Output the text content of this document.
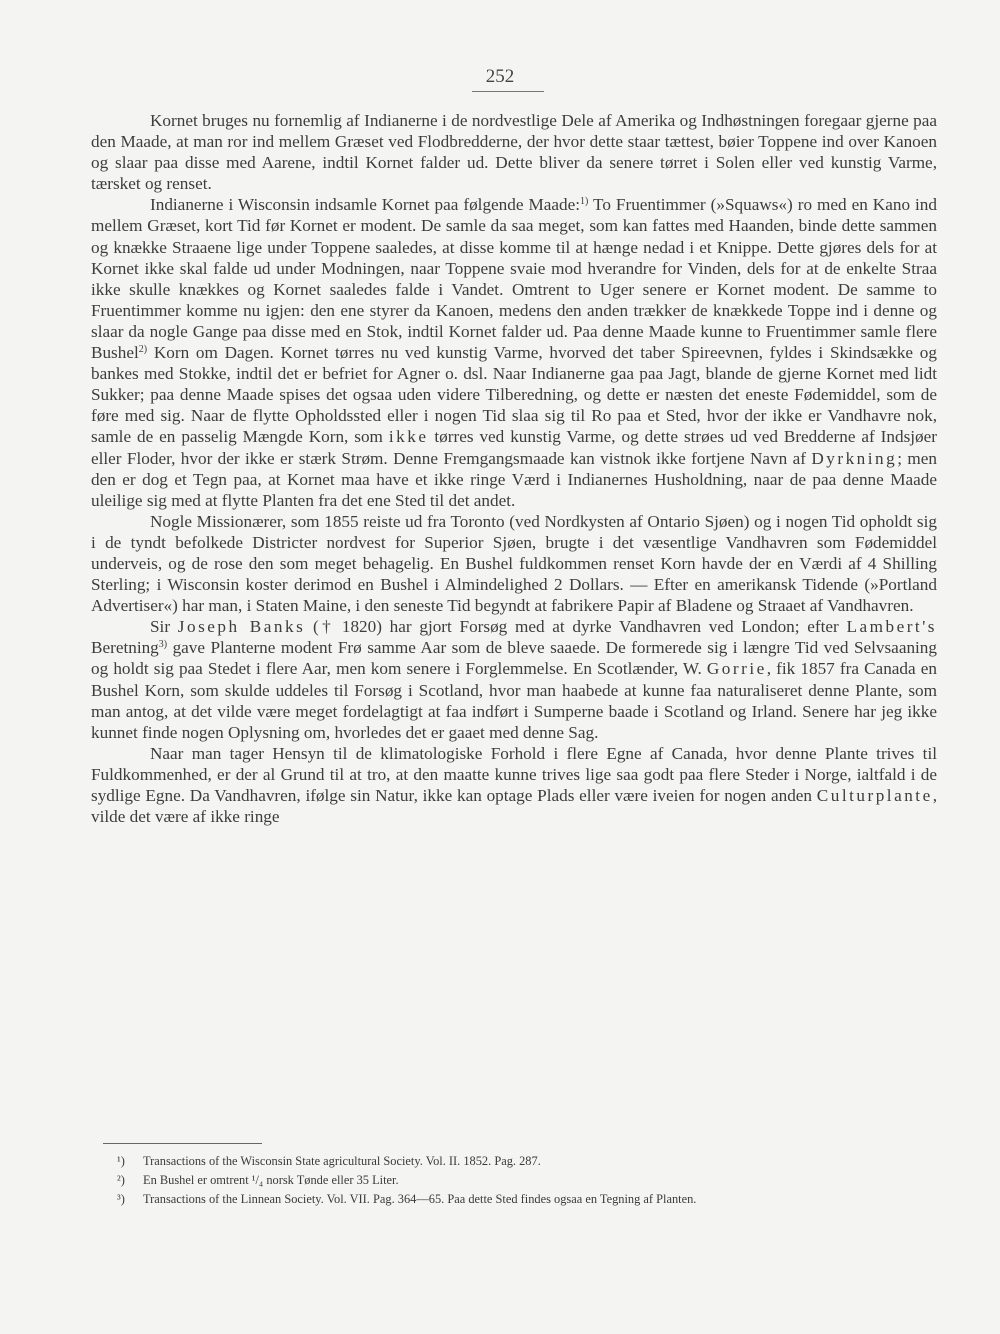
252

Kornet bruges nu fornemlig af Indianerne i de nordvestlige Dele af Amerika og Indhøstningen foregaar gjerne paa den Maade, at man ror ind mellem Græset ved Flodbredderne, der hvor dette staar tættest, bøier Toppene ind over Kanoen og slaar paa disse med Aarene, indtil Kornet falder ud. Dette bliver da senere tørret i Solen eller ved kunstig Varme, tærsket og renset.

Indianerne i Wisconsin indsamle Kornet paa følgende Maade:$^{1)}$ To Fruentimmer (»Squaws«) ro med en Kano ind mellem Græset, kort Tid før Kornet er modent. De samle da saa meget, som kan fattes med Haanden, binde dette sammen og knække Straaene lige under Toppene saaledes, at disse komme til at hænge nedad i et Knippe. Dette gjøres dels for at Kornet ikke skal falde ud under Modningen, naar Toppene svaie mod hverandre for Vinden, dels for at de enkelte Straa ikke skulle knækkes og Kornet saaledes falde i Vandet. Omtrent to Uger senere er Kornet modent. De samme to Fruentimmer komme nu igjen: den ene styrer da Kanoen, medens den anden trækker de knækkede Toppe ind i denne og slaar da nogle Gange paa disse med en Stok, indtil Kornet falder ud. Paa denne Maade kunne to Fruentimmer samle flere Bushel$^{2)}$ Korn om Dagen. Kornet tørres nu ved kunstig Varme, hvorved det taber Spireevnen, fyldes i Skindsække og bankes med Stokke, indtil det er befriet for Agner o. dsl. Naar Indianerne gaa paa Jagt, blande de gjerne Kornet med lidt Sukker; paa denne Maade spises det ogsaa uden videre Tilberedning, og dette er næsten det eneste Fødemiddel, som de føre med sig. Naar de flytte Opholdssted eller i nogen Tid slaa sig til Ro paa et Sted, hvor der ikke er Vandhavre nok, samle de en passelig Mængde Korn, som ikke tørres ved kunstig Varme, og dette strøes ud ved Bredderne af Indsjøer eller Floder, hvor der ikke er stærk Strøm. Denne Fremgangsmaade kan vistnok ikke fortjene Navn af Dyrkning; men den er dog et Tegn paa, at Kornet maa have et ikke ringe Værd i Indianernes Husholdning, naar de paa denne Maade uleilige sig med at flytte Planten fra det ene Sted til det andet.

Nogle Missionærer, som 1855 reiste ud fra Toronto (ved Nordkysten af Ontario Sjøen) og i nogen Tid opholdt sig i de tyndt befolkede Districter nordvest for Superior Sjøen, brugte i det væsentlige Vandhavren som Fødemiddel underveis, og de rose den som meget behagelig. En Bushel fuldkommen renset Korn havde der en Værdi af 4 Shilling Sterling; i Wisconsin koster derimod en Bushel i Almindelighed 2 Dollars. — Efter en amerikansk Tidende (»Portland Advertiser«) har man, i Staten Maine, i den seneste Tid begyndt at fabrikere Papir af Bladene og Straaet af Vandhavren.

Sir Joseph Banks († 1820) har gjort Forsøg med at dyrke Vandhavren ved London; efter Lambert's Beretning$^{3)}$ gave Planterne modent Frø samme Aar som de bleve saaede. De formerede sig i længre Tid ved Selvsaaning og holdt sig paa Stedet i flere Aar, men kom senere i Forglemmelse. En Scotlænder, W. Gorrie, fik 1857 fra Canada en Bushel Korn, som skulde uddeles til Forsøg i Scotland, hvor man haabede at kunne faa naturaliseret denne Plante, som man antog, at det vilde være meget fordelagtigt at faa indført i Sumperne baade i Scotland og Irland. Senere har jeg ikke kunnet finde nogen Oplysning om, hvorledes det er gaaet med denne Sag.

Naar man tager Hensyn til de klimatologiske Forhold i flere Egne af Canada, hvor denne Plante trives til Fuldkommenhed, er der al Grund til at tro, at den maatte kunne trives lige saa godt paa flere Steder i Norge, ialtfald i de sydlige Egne. Da Vandhavren, ifølge sin Natur, ikke kan optage Plads eller være iveien for nogen anden Culturplante, vilde det være af ikke ringe

¹) Transactions of the Wisconsin State agricultural Society. Vol. II. 1852. Pag. 287.
²) En Bushel er omtrent ¹/₄ norsk Tønde eller 35 Liter.
³) Transactions of the Linnean Society. Vol. VII. Pag. 364—65. Paa dette Sted findes ogsaa en Tegning af Planten.
